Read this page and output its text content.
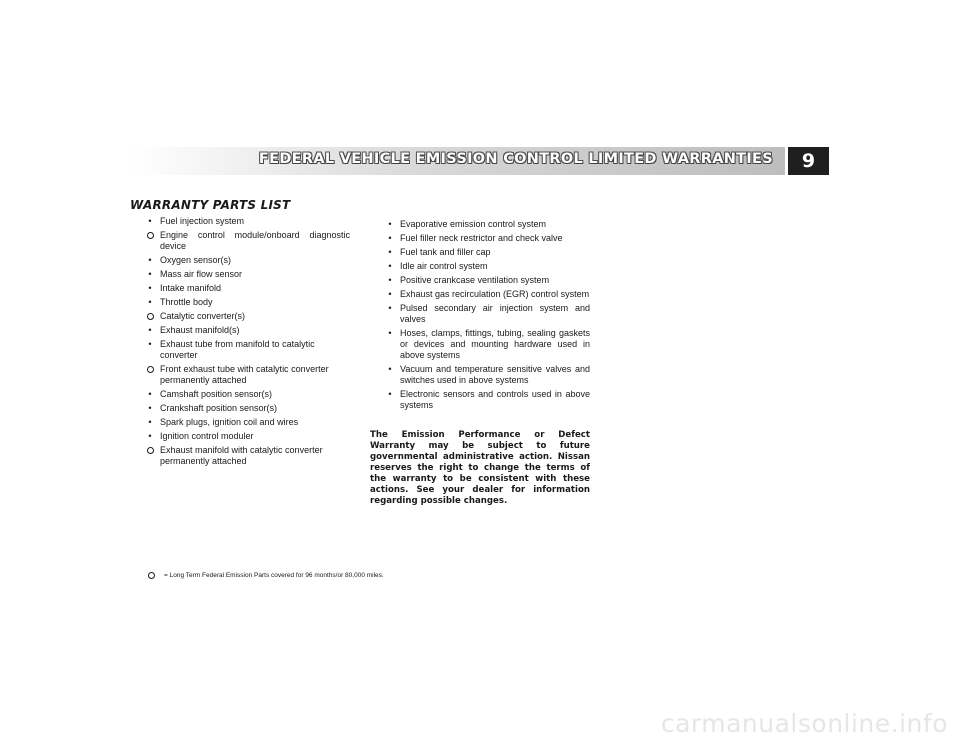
FEDERAL VEHICLE EMISSION CONTROL LIMITED WARRANTIES	9
WARRANTY PARTS LIST
• Fuel injection system
Engine control module/onboard diagnostic device
• Oxygen sensor(s)
• Mass air flow sensor
• Intake manifold
• Throttle body
Catalytic converter(s)
• Exhaust manifold(s)
• Exhaust tube from manifold to catalytic converter
Front exhaust tube with catalytic converter permanently attached
• Camshaft position sensor(s)
• Crankshaft position sensor(s)
• Spark plugs, ignition coil and wires
• Ignition control moduler
Exhaust manifold with catalytic converter permanently attached
• Evaporative emission control system
• Fuel filler neck restrictor and check valve
• Fuel tank and filler cap
• Idle air control system
• Positive crankcase ventilation system
• Exhaust gas recirculation (EGR) control system
• Pulsed secondary air injection system and valves
• Hoses, clamps, fittings, tubing, sealing gaskets or devices and mounting hardware used in above systems
• Vacuum and temperature sensitive valves and switches used in above systems
• Electronic sensors and controls used in above systems
The Emission Performance or Defect Warranty may be subject to future governmental administrative action. Nissan reserves the right to change the terms of the warranty to be consistent with these actions. See your dealer for information regarding possible changes.
= Long Term Federal Emission Parts covered for 96 months/or 80,000 miles.
carmanualsonline.info
